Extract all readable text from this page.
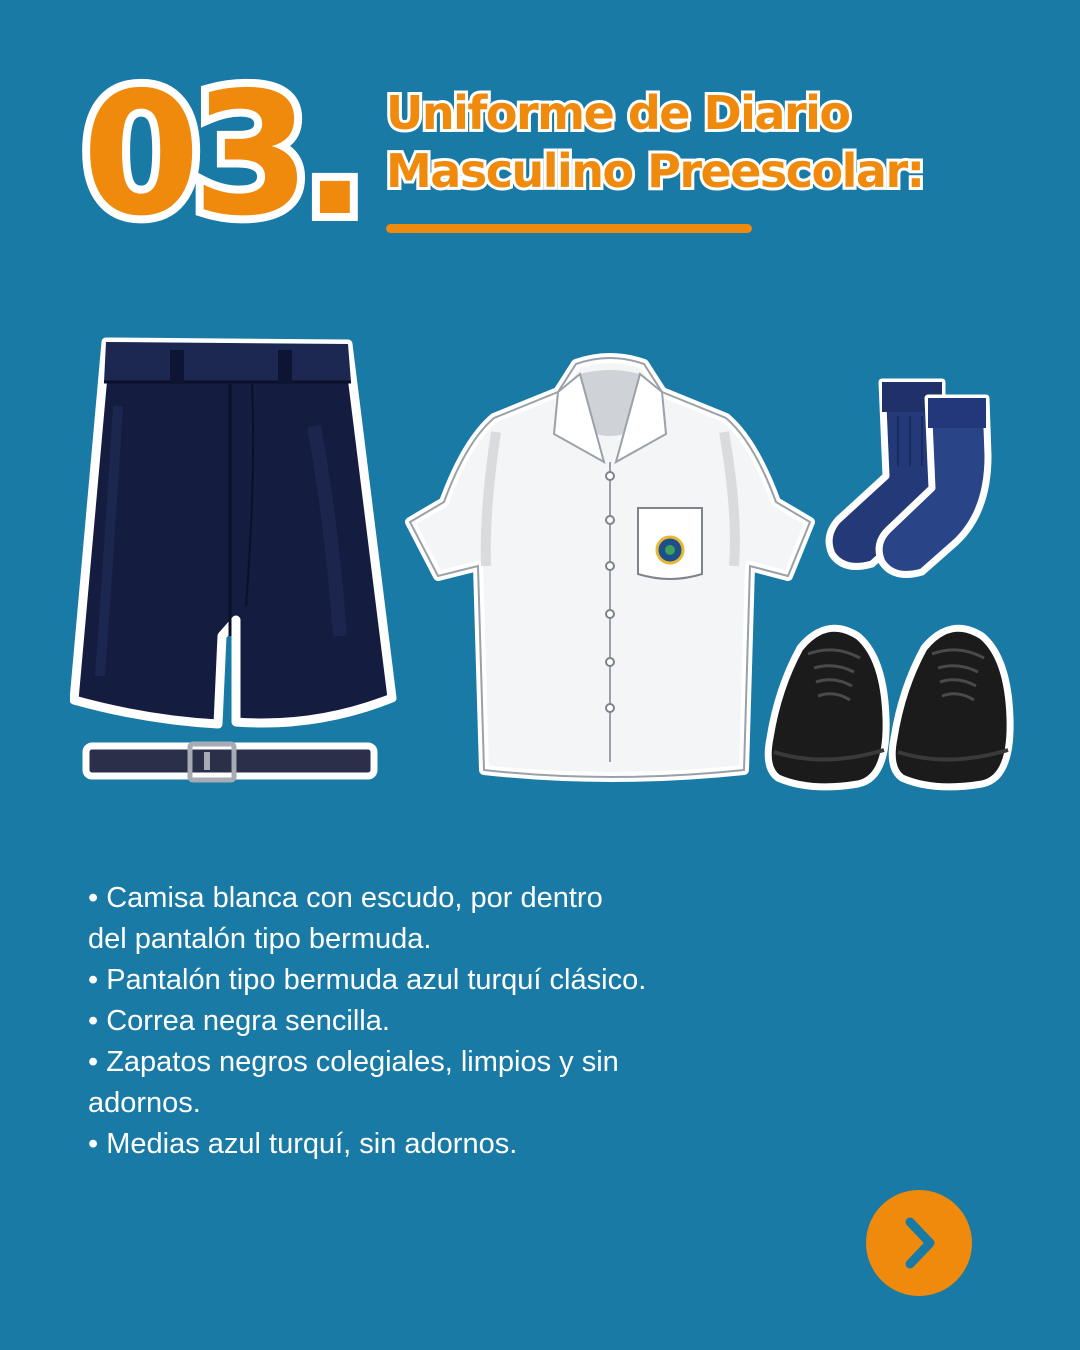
03. Uniforme de Diario
Masculino Preescolar:

• Camisa blanca con escudo, por dentro del pantalón tipo bermuda.

• Pantalón tipo bermuda azul turquí clásico.

• Correa negra sencilla.

• Zapatos negros colegiales, limpios y sin adornos.

• Medias azul turquí, sin adornos.
